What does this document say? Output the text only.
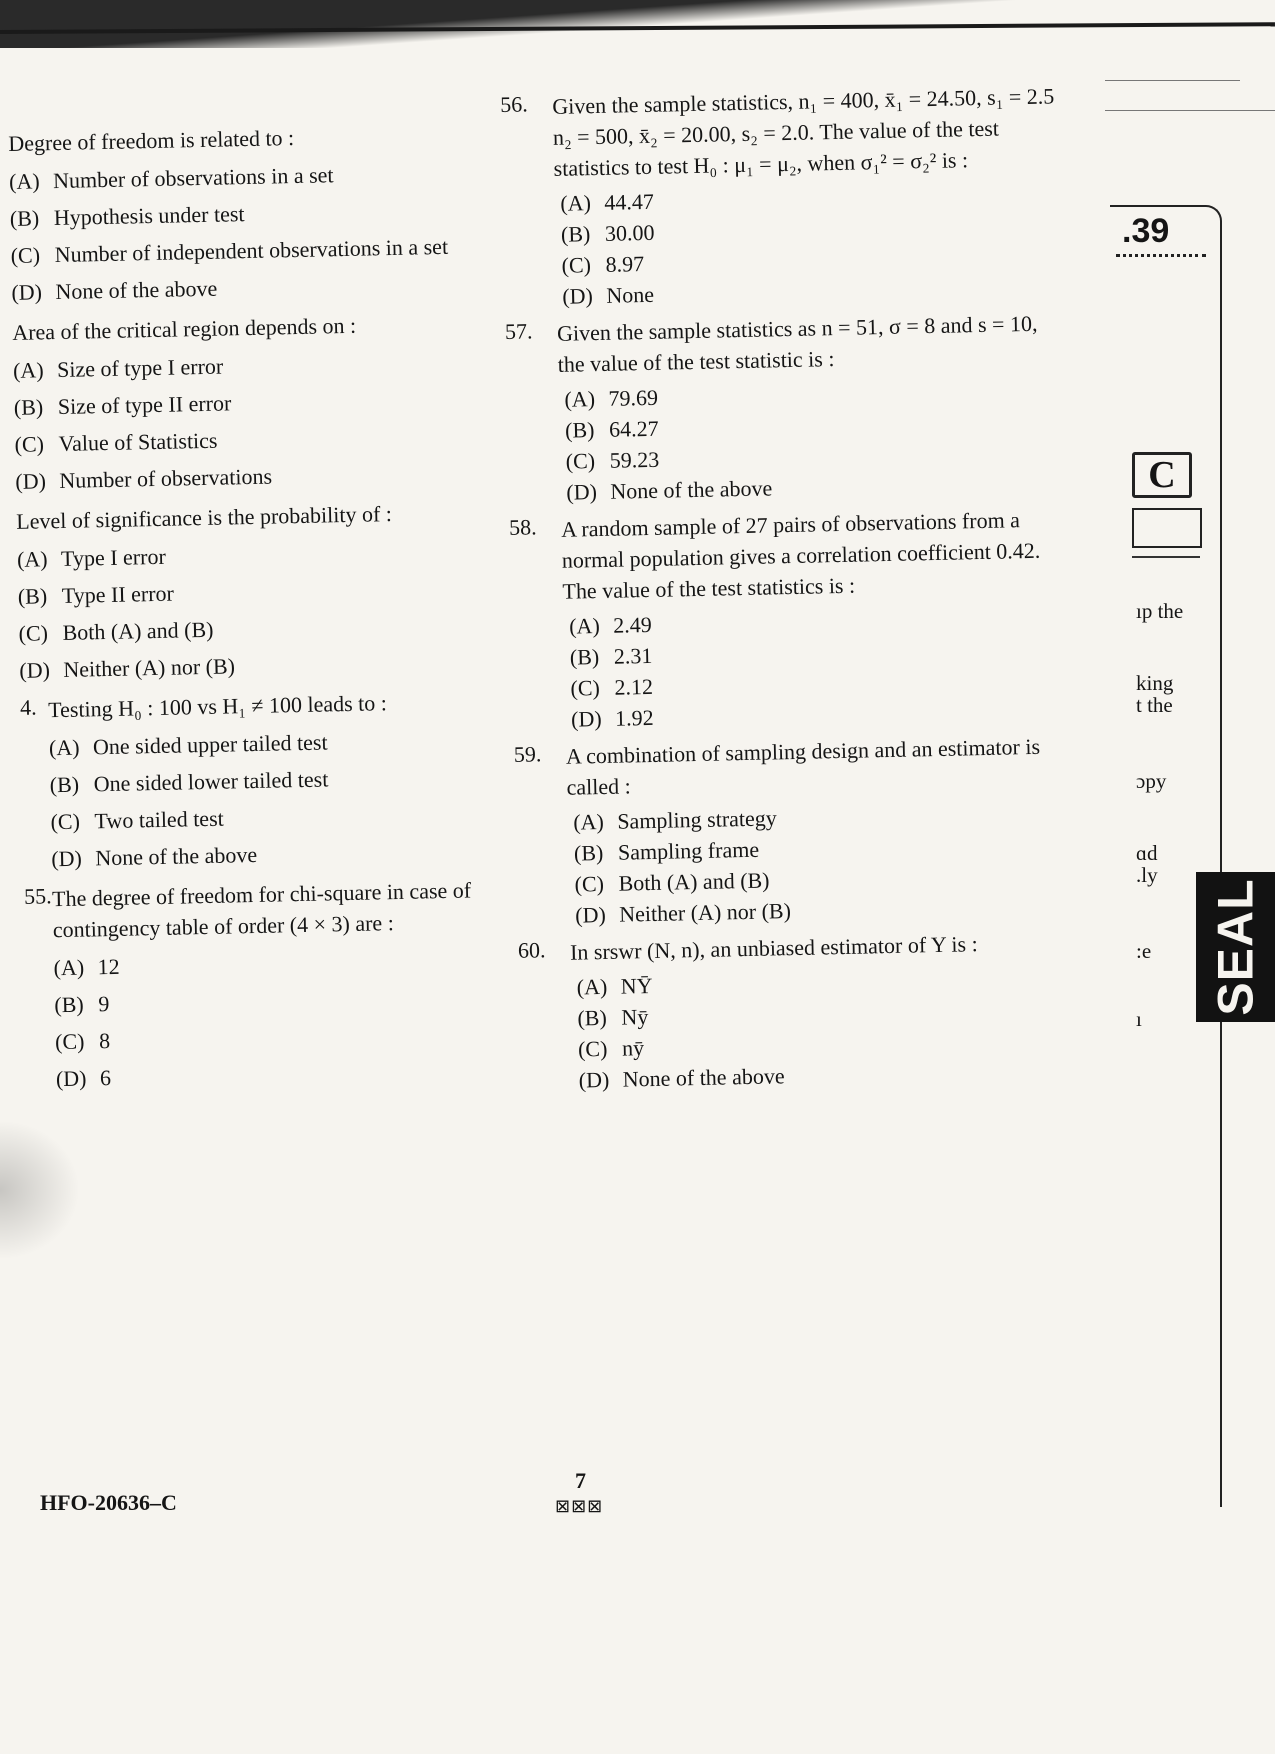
Degree of freedom is related to :
(A) Number of observations in a set
(B) Hypothesis under test
(C) Number of independent observations in a set
(D) None of the above
Area of the critical region depends on :
(A) Size of type I error
(B) Size of type II error
(C) Value of Statistics
(D) Number of observations
Level of significance is the probability of :
(A) Type I error
(B) Type II error
(C) Both (A) and (B)
(D) Neither (A) nor (B)
4. Testing H₀ : 100 vs H₁ ≠ 100 leads to :
(A) One sided upper tailed test
(B) One sided lower tailed test
(C) Two tailed test
(D) None of the above
55. The degree of freedom for chi-square in case of contingency table of order (4 × 3) are :
(A) 12
(B) 9
(C) 8
(D) 6
56. Given the sample statistics, n₁ = 400, x̄₁ = 24.50, s₁ = 2.5 n₂ = 500, x̄₂ = 20.00, s₂ = 2.0. The value of the test statistics to test H₀ : μ₁ = μ₂, when σ₁² = σ₂² is :
(A) 44.47
(B) 30.00
(C) 8.97
(D) None
57. Given the sample statistics as n = 51, σ = 8 and s = 10, the value of the test statistic is :
(A) 79.69
(B) 64.27
(C) 59.23
(D) None of the above
58. A random sample of 27 pairs of observations from a normal population gives a correlation coefficient 0.42. The value of the test statistics is :
(A) 2.49
(B) 2.31
(C) 2.12
(D) 1.92
59. A combination of sampling design and an estimator is called :
(A) Sampling strategy
(B) Sampling frame
(C) Both (A) and (B)
(D) Neither (A) nor (B)
60. In srswr (N, n), an unbiased estimator of Y is :
(A) NȲ
(B) Nȳ
(C) nȳ
(D) None of the above
.39
C
ıp the
king
t the
ɔpy
ɑd
.ly
:e
ı
SEAL
HFO-20636–C
7
⊠⊠⊠
